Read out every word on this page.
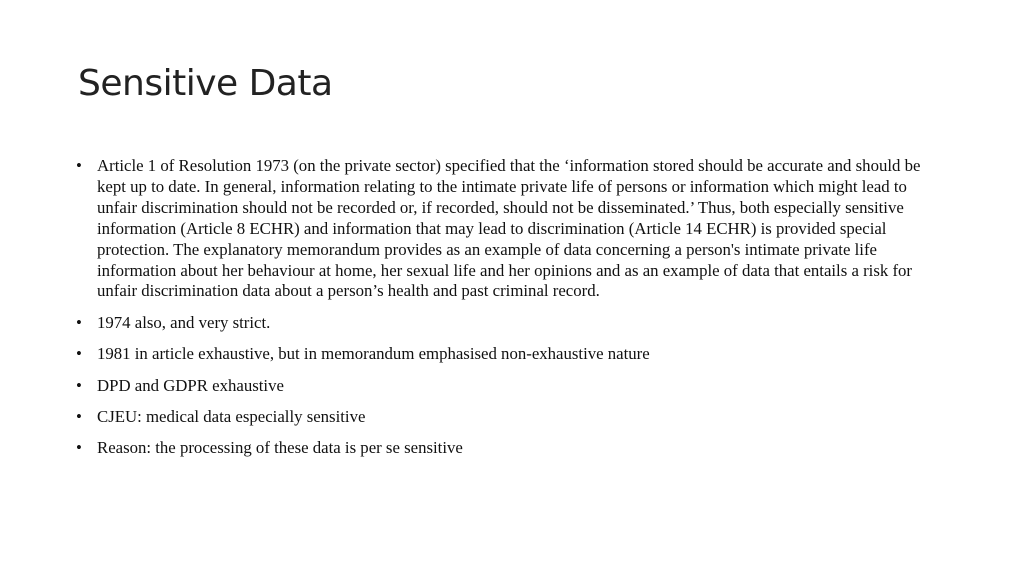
Sensitive Data
• Article 1 of Resolution 1973 (on the private sector) specified that the ‘information stored should be accurate and should be kept up to date. In general, information relating to the intimate private life of persons or information which might lead to unfair discrimination should not be recorded or, if recorded, should not be disseminated.’ Thus, both especially sensitive information (Article 8 ECHR) and information that may lead to discrimination (Article 14 ECHR) is provided special protection. The explanatory memorandum provides as an example of data concerning a person's intimate private life information about her behaviour at home, her sexual life and her opinions and as an example of data that entails a risk for unfair discrimination data about a person’s health and past criminal record.
• 1974 also, and very strict.
• 1981 in article exhaustive, but in memorandum emphasised non-exhaustive nature
• DPD and GDPR exhaustive
• CJEU: medical data especially sensitive
• Reason: the processing of these data is per se sensitive
